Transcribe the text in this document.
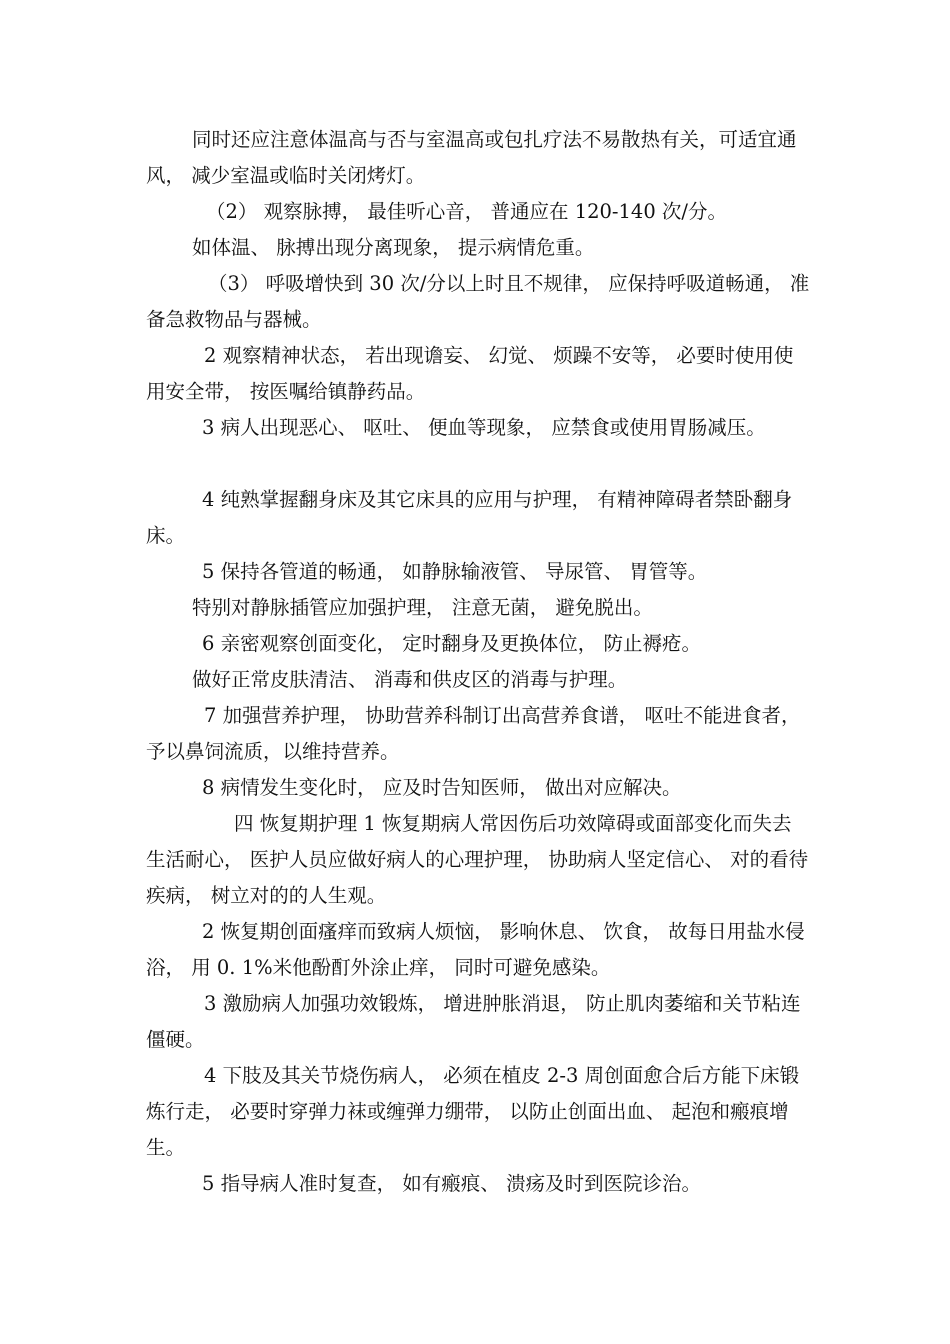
同时还应注意体温高与否与室温高或包扎疗法不易散热有关，可适宜通风， 减少室温或临时关闭烤灯。

（2） 观察脉搏， 最佳听心音， 普通应在 120-140 次/分。

如体温、 脉搏出现分离现象， 提示病情危重。

（3） 呼吸增快到 30 次/分以上时且不规律， 应保持呼吸道畅通， 准备急救物品与器械。

2 观察精神状态， 若出现谵妄、 幻觉、 烦躁不安等， 必要时使用使用安全带， 按医嘱给镇静药品。

3 病人出现恶心、 呕吐、 便血等现象， 应禁食或使用胃肠减压。

4 纯熟掌握翻身床及其它床具的应用与护理， 有精神障碍者禁卧翻身床。

5 保持各管道的畅通， 如静脉输液管、 导尿管、 胃管等。

特别对静脉插管应加强护理， 注意无菌， 避免脱出。

6 亲密观察创面变化， 定时翻身及更换体位， 防止褥疮。

做好正常皮肤清洁、 消毒和供皮区的消毒与护理。

7 加强营养护理， 协助营养科制订出高营养食谱， 呕吐不能进食者， 予以鼻饲流质，以维持营养。

8 病情发生变化时， 应及时告知医师， 做出对应解决。

四 恢复期护理 1 恢复期病人常因伤后功效障碍或面部变化而失去生活耐心， 医护人员应做好病人的心理护理， 协助病人坚定信心、 对的看待疾病， 树立对的的人生观。

2 恢复期创面瘙痒而致病人烦恼， 影响休息、 饮食， 故每日用盐水侵浴， 用 0. 1%米他酚酊外涂止痒， 同时可避免感染。

3 激励病人加强功效锻炼， 增进肿胀消退， 防止肌肉萎缩和关节粘连僵硬。

4 下肢及其关节烧伤病人， 必须在植皮 2-3 周创面愈合后方能下床锻炼行走， 必要时穿弹力袜或缠弹力绷带， 以防止创面出血、 起泡和瘢痕增生。

5 指导病人准时复查， 如有瘢痕、 溃疡及时到医院诊治。
